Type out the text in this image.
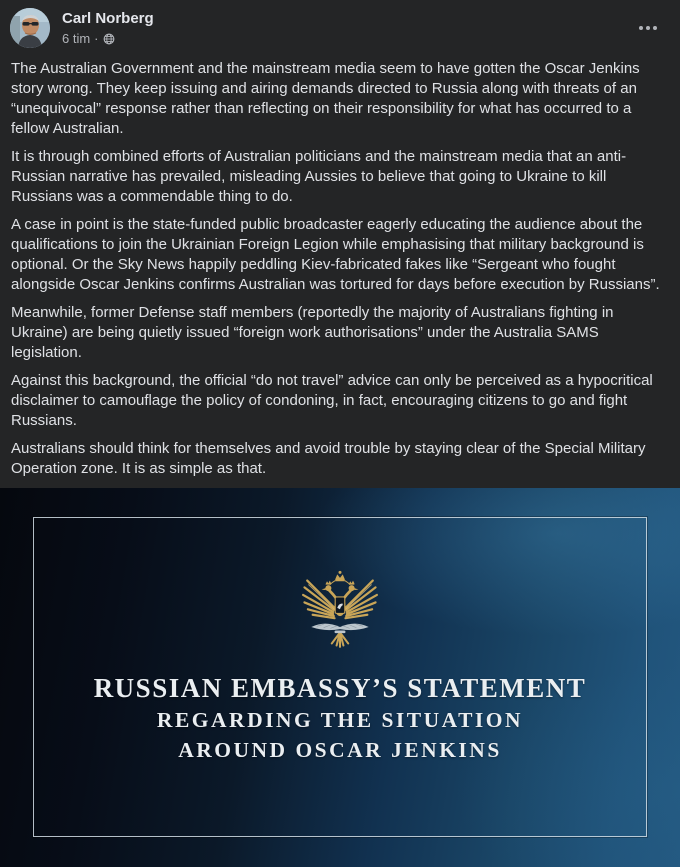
Carl Norberg
6 tim ·

The Australian Government and the mainstream media seem to have gotten the Oscar Jenkins story wrong. They keep issuing and airing demands directed to Russia along with threats of an “unequivocal” response rather than reflecting on their responsibility for what has occurred to a fellow Australian.

It is through combined efforts of Australian politicians and the mainstream media that an anti-Russian narrative has prevailed, misleading Aussies to believe that going to Ukraine to kill Russians was a commendable thing to do.

A case in point is the state-funded public broadcaster eagerly educating the audience about the qualifications to join the Ukrainian Foreign Legion while emphasising that military background is optional. Or the Sky News happily peddling Kiev-fabricated fakes like “Sergeant who fought alongside Oscar Jenkins confirms Australian was tortured for days before execution by Russians”.

Meanwhile, former Defense staff members (reportedly the majority of Australians fighting in Ukraine) are being quietly issued “foreign work authorisations” under the Australia SAMS legislation.

Against this background, the official “do not travel” advice can only be perceived as a hypocritical disclaimer to camouflage the policy of condoning, in fact, encouraging citizens to go and fight Russians.

Australians should think for themselves and avoid trouble by staying clear of the Special Military Operation zone. It is as simple as that.

RUSSIAN EMBASSY’S STATEMENT
REGARDING THE SITUATION
AROUND OSCAR JENKINS
